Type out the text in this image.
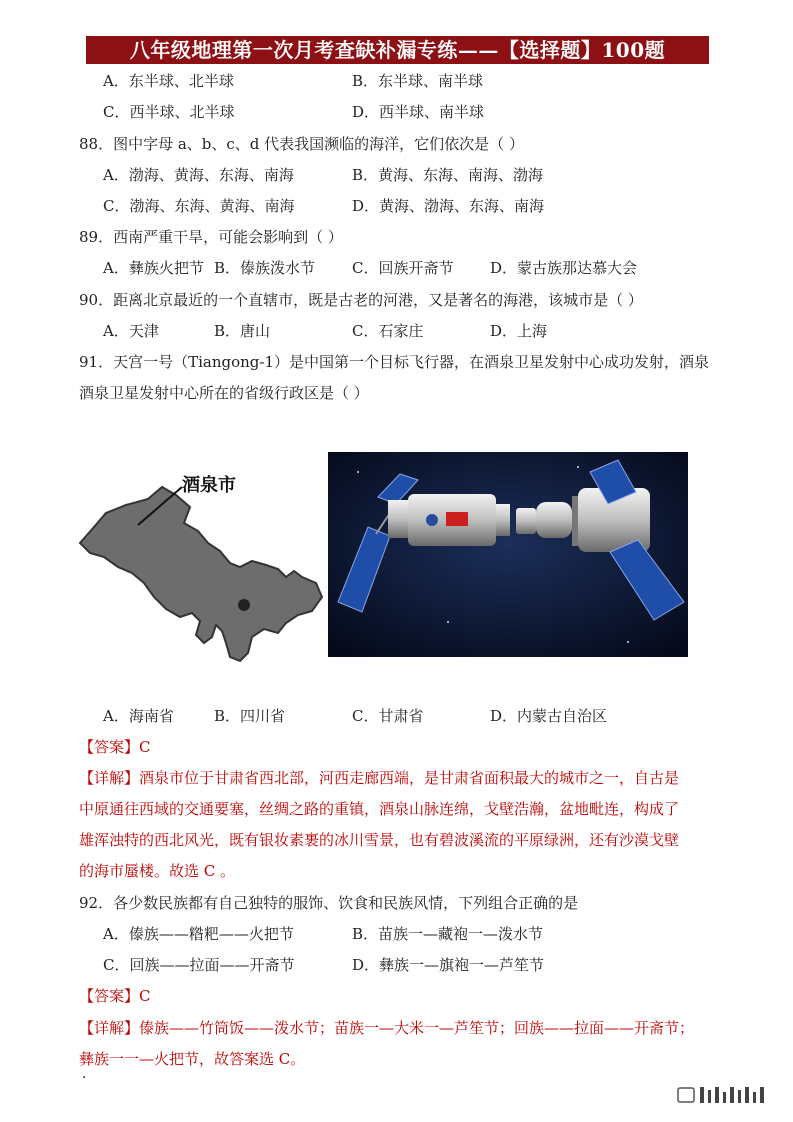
八年级地理第一次月考查缺补漏专练——【选择题】100题
A．东半球、北半球	B．东半球、南半球
C．西半球、北半球	D．西半球、南半球
88．图中字母 a、b、c、d 代表我国濒临的海洋，它们依次是（ ）
A．渤海、黄海、东海、南海	B．黄海、东海、南海、渤海
C．渤海、东海、黄海、南海	D．黄海、渤海、东海、南海
89．西南严重干旱，可能会影响到（ ）
A．彝族火把节 B．傣族泼水节 C．回族开斋节 D．蒙古族那达慕大会
90．距离北京最近的一个直辖市，既是古老的河港，又是著名的海港，该城市是（ ）
A．天津	B．唐山	C．石家庄	D．上海
91．天宫一号（Tiangong-1）是中国第一个目标飞行器，在酒泉卫星发射中心成功发射，酒泉
酒泉卫星发射中心所在的省级行政区是（ ）
酒泉市
A．海南省	B．四川省	C．甘肃省	D．内蒙古自治区
【答案】C
【详解】酒泉市位于甘肃省西北部，河西走廊西端，是甘肃省面积最大的城市之一，自古是
中原通往西域的交通要塞，丝绸之路的重镇，酒泉山脉连绵，戈壁浩瀚，盆地毗连，构成了
雄浑浊特的西北风光，既有银妆素裹的冰川雪景，也有碧波溪流的平原绿洲，还有沙漠戈壁
的海市蜃楼。故选 C 。
92．各少数民族都有自己独特的服饰、饮食和民族风情，下列组合正确的是
A．傣族——糌粑——火把节	B．苗族一—藏袍一—泼水节
C．回族——拉面——开斋节	D．彝族一—旗袍一—芦笙节
【答案】C
【详解】傣族——竹筒饭——泼水节；苗族一—大米一—芦笙节；回族——拉面——开斋节；
彝族一一—火把节，故答案选 C。
·
